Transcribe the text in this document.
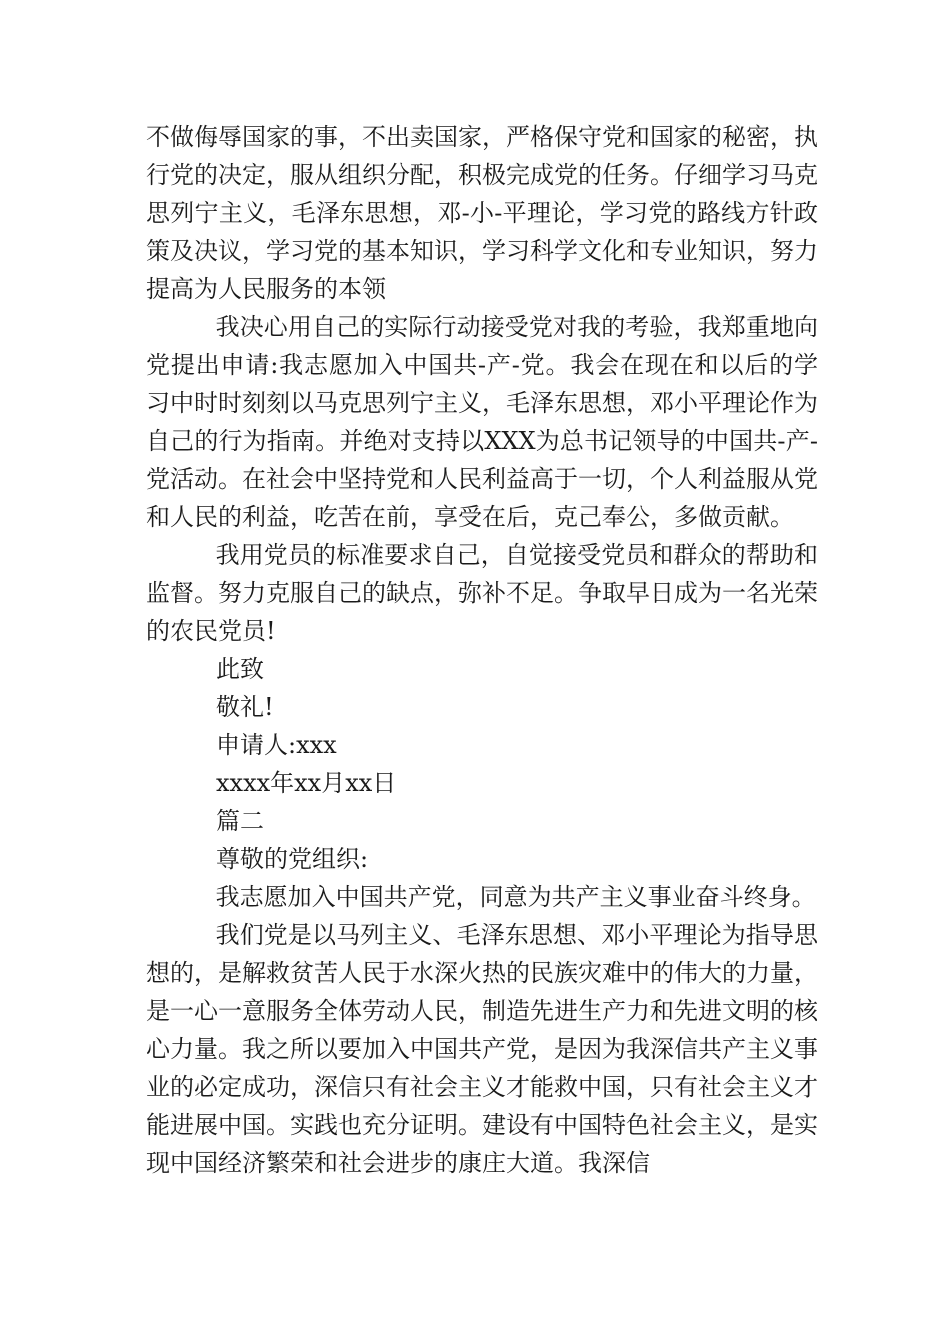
不做侮辱国家的事，不出卖国家，严格保守党和国家的秘密，执行党的决定，服从组织分配，积极完成党的任务。仔细学习马克思列宁主义，毛泽东思想，邓-小-平理论，学习党的路线方针政策及决议，学习党的基本知识，学习科学文化和专业知识，努力提高为人民服务的本领

我决心用自己的实际行动接受党对我的考验，我郑重地向党提出申请:我志愿加入中国共-产-党。我会在现在和以后的学习中时时刻刻以马克思列宁主义，毛泽东思想，邓小平理论作为自己的行为指南。并绝对支持以XXX为总书记领导的中国共-产-党活动。在社会中坚持党和人民利益高于一切，个人利益服从党和人民的利益，吃苦在前，享受在后，克己奉公，多做贡献。

我用党员的标准要求自己，自觉接受党员和群众的帮助和监督。努力克服自己的缺点，弥补不足。争取早日成为一名光荣的农民党员!

此致

敬礼!

申请人:xxx

xxxx年xx月xx日

篇二

尊敬的党组织:

我志愿加入中国共产党，同意为共产主义事业奋斗终身。

我们党是以马列主义、毛泽东思想、邓小平理论为指导思想的，是解救贫苦人民于水深火热的民族灾难中的伟大的力量，是一心一意服务全体劳动人民，制造先进生产力和先进文明的核心力量。我之所以要加入中国共产党，是因为我深信共产主义事业的必定成功，深信只有社会主义才能救中国，只有社会主义才能进展中国。实践也充分证明。建设有中国特色社会主义，是实现中国经济繁荣和社会进步的康庄大道。我深信
